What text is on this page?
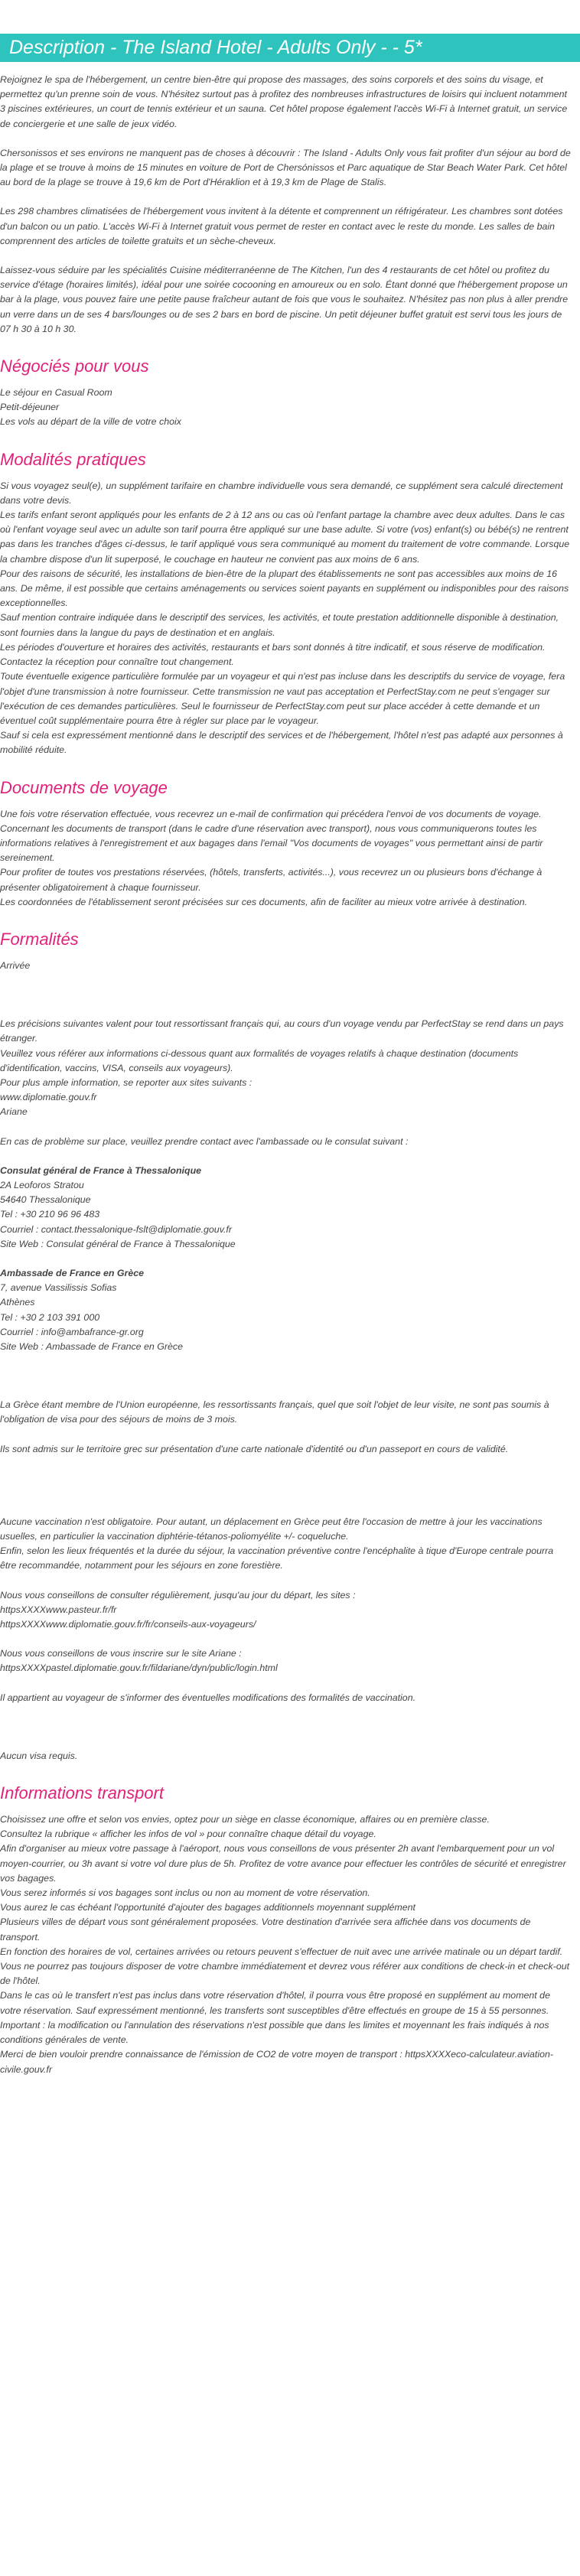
Description - The Island Hotel - Adults Only - - 5*

Rejoignez le spa de l'hébergement, un centre bien-être qui propose des massages, des soins corporels et des soins du visage, et permettez qu'un prenne soin de vous. N'hésitez surtout pas à profitez des nombreuses infrastructures de loisirs qui incluent notamment 3 piscines extérieures, un court de tennis extérieur et un sauna. Cet hôtel propose également l'accès Wi-Fi à Internet gratuit, un service de conciergerie et une salle de jeux vidéo.

Chersonissos et ses environs ne manquent pas de choses à découvrir : The Island - Adults Only vous fait profiter d'un séjour au bord de la plage et se trouve à moins de 15 minutes en voiture de Port de Chersónissos et Parc aquatique de Star Beach Water Park. Cet hôtel au bord de la plage se trouve à 19,6 km de Port d'Héraklion et à 19,3 km de Plage de Stalis.

Les 298 chambres climatisées de l'hébergement vous invitent à la détente et comprennent un réfrigérateur. Les chambres sont dotées d'un balcon ou un patio. L'accès Wi-Fi à Internet gratuit vous permet de rester en contact avec le reste du monde. Les salles de bain comprennent des articles de toilette gratuits et un sèche-cheveux.

Laissez-vous séduire par les spécialités Cuisine méditerranéenne de The Kitchen, l'un des 4 restaurants de cet hôtel ou profitez du service d'étage (horaires limités), idéal pour une soirée cocooning en amoureux ou en solo. Étant donné que l'hébergement propose un bar à la plage, vous pouvez faire une petite pause fraîcheur autant de fois que vous le souhaitez. N'hésitez pas non plus à aller prendre un verre dans un de ses 4 bars/lounges ou de ses 2 bars en bord de piscine. Un petit déjeuner buffet gratuit est servi tous les jours de 07 h 30 à 10 h 30.

Négociés pour vous
Le séjour en Casual Room
Petit-déjeuner
Les vols au départ de la ville de votre choix
Modalités pratiques
Si vous voyagez seul(e), un supplément tarifaire en chambre individuelle vous sera demandé, ce supplément sera calculé directement dans votre devis.
Les tarifs enfant seront appliqués pour les enfants de 2 à 12 ans ou cas où l'enfant partage la chambre avec deux adultes. Dans le cas où l'enfant voyage seul avec un adulte son tarif pourra être appliqué sur une base adulte. Si votre (vos) enfant(s) ou bébé(s) ne rentrent pas dans les tranches d'âges ci-dessus, le tarif appliqué vous sera communiqué au moment du traitement de votre commande. Lorsque la chambre dispose d'un lit superposé, le couchage en hauteur ne convient pas aux moins de 6 ans.
Pour des raisons de sécurité, les installations de bien-être de la plupart des établissements ne sont pas accessibles aux moins de 16 ans. De même, il est possible que certains aménagements ou services soient payants en supplément ou indisponibles pour des raisons exceptionnelles.
Sauf mention contraire indiquée dans le descriptif des services, les activités, et toute prestation additionnelle disponible à destination, sont fournies dans la langue du pays de destination et en anglais.
Les périodes d'ouverture et horaires des activités, restaurants et bars sont donnés à titre indicatif, et sous réserve de modification. Contactez la réception pour connaître tout changement.
Toute éventuelle exigence particulière formulée par un voyageur et qui n'est pas incluse dans les descriptifs du service de voyage, fera l'objet d'une transmission à notre fournisseur. Cette transmission ne vaut pas acceptation et PerfectStay.com ne peut s'engager sur l'exécution de ces demandes particulières. Seul le fournisseur de PerfectStay.com peut sur place accéder à cette demande et un éventuel coût supplémentaire pourra être à régler sur place par le voyageur.
Sauf si cela est expressément mentionné dans le descriptif des services et de l'hébergement, l'hôtel n'est pas adapté aux personnes à mobilité réduite.
Documents de voyage
Une fois votre réservation effectuée, vous recevrez un e-mail de confirmation qui précédera l'envoi de vos documents de voyage.
Concernant les documents de transport (dans le cadre d'une réservation avec transport), nous vous communiquerons toutes les informations relatives à l'enregistrement et aux bagages dans l'email "Vos documents de voyages" vous permettant ainsi de partir sereinement.
Pour profiter de toutes vos prestations réservées, (hôtels, transferts, activités...), vous recevrez un ou plusieurs bons d'échange à présenter obligatoirement à chaque fournisseur.
Les coordonnées de l'établissement seront précisées sur ces documents, afin de faciliter au mieux votre arrivée à destination.
Formalités
Arrivée
Les précisions suivantes valent pour tout ressortissant français qui, au cours d'un voyage vendu par PerfectStay se rend dans un pays étranger.
Veuillez vous référer aux informations ci-dessous quant aux formalités de voyages relatifs à chaque destination (documents d'identification, vaccins, VISA, conseils aux voyageurs).
Pour plus ample information, se reporter aux sites suivants :
www.diplomatie.gouv.fr
Ariane
En cas de problème sur place, veuillez prendre contact avec l'ambassade ou le consulat suivant :
Consulat général de France à Thessalonique
2A Leoforos Stratou
54640 Thessalonique
Tel : +30 210 96 96 483
Courriel : contact.thessalonique-fslt@diplomatie.gouv.fr
Site Web : Consulat général de France à Thessalonique
Ambassade de France en Grèce
7, avenue Vassilissis Sofias
Athènes
Tel : +30 2 103 391 000
Courriel : info@ambafrance-gr.org
Site Web : Ambassade de France en Grèce
La Grèce étant membre de l'Union européenne, les ressortissants français, quel que soit l'objet de leur visite, ne sont pas soumis à l'obligation de visa pour des séjours de moins de 3 mois.
Ils sont admis sur le territoire grec sur présentation d'une carte nationale d'identité ou d'un passeport en cours de validité.
Aucune vaccination n'est obligatoire. Pour autant, un déplacement en Grèce peut être l'occasion de mettre à jour les vaccinations usuelles, en particulier la vaccination diphtérie-tétanos-poliomyélite +/- coqueluche.
Enfin, selon les lieux fréquentés et la durée du séjour, la vaccination préventive contre l'encéphalite à tique d'Europe centrale pourra être recommandée, notamment pour les séjours en zone forestière.
Nous vous conseillons de consulter régulièrement, jusqu'au jour du départ, les sites :
httpsXXXXwww.pasteur.fr/fr
httpsXXXXwww.diplomatie.gouv.fr/fr/conseils-aux-voyageurs/
Nous vous conseillons de vous inscrire sur le site Ariane :
httpsXXXXpastel.diplomatie.gouv.fr/fildariane/dyn/public/login.html
Il appartient au voyageur de s'informer des éventuelles modifications des formalités de vaccination.
Aucun visa requis.
Informations transport
Choisissez une offre et selon vos envies, optez pour un siège en classe économique, affaires ou en première classe.
Consultez la rubrique « afficher les infos de vol » pour connaître chaque détail du voyage.
Afin d'organiser au mieux votre passage à l'aéroport, nous vous conseillons de vous présenter 2h avant l'embarquement pour un vol moyen-courrier, ou 3h avant si votre vol dure plus de 5h. Profitez de votre avance pour effectuer les contrôles de sécurité et enregistrer vos bagages.
Vous serez informés si vos bagages sont inclus ou non au moment de votre réservation.
Vous aurez le cas échéant l'opportunité d'ajouter des bagages additionnels moyennant supplément
Plusieurs villes de départ vous sont généralement proposées. Votre destination d'arrivée sera affichée dans vos documents de transport.
En fonction des horaires de vol, certaines arrivées ou retours peuvent s'effectuer de nuit avec une arrivée matinale ou un départ tardif. Vous ne pourrez pas toujours disposer de votre chambre immédiatement et devrez vous référer aux conditions de check-in et check-out de l'hôtel.
Dans le cas où le transfert n'est pas inclus dans votre réservation d'hôtel, il pourra vous être proposé en supplément au moment de votre réservation. Sauf expressément mentionné, les transferts sont susceptibles d'être effectués en groupe de 15 à 55 personnes.
Important : la modification ou l'annulation des réservations n'est possible que dans les limites et moyennant les frais indiqués à nos conditions générales de vente.
Merci de bien vouloir prendre connaissance de l'émission de CO2 de votre moyen de transport : httpsXXXXeco-calculateur.aviation-civile.gouv.fr
